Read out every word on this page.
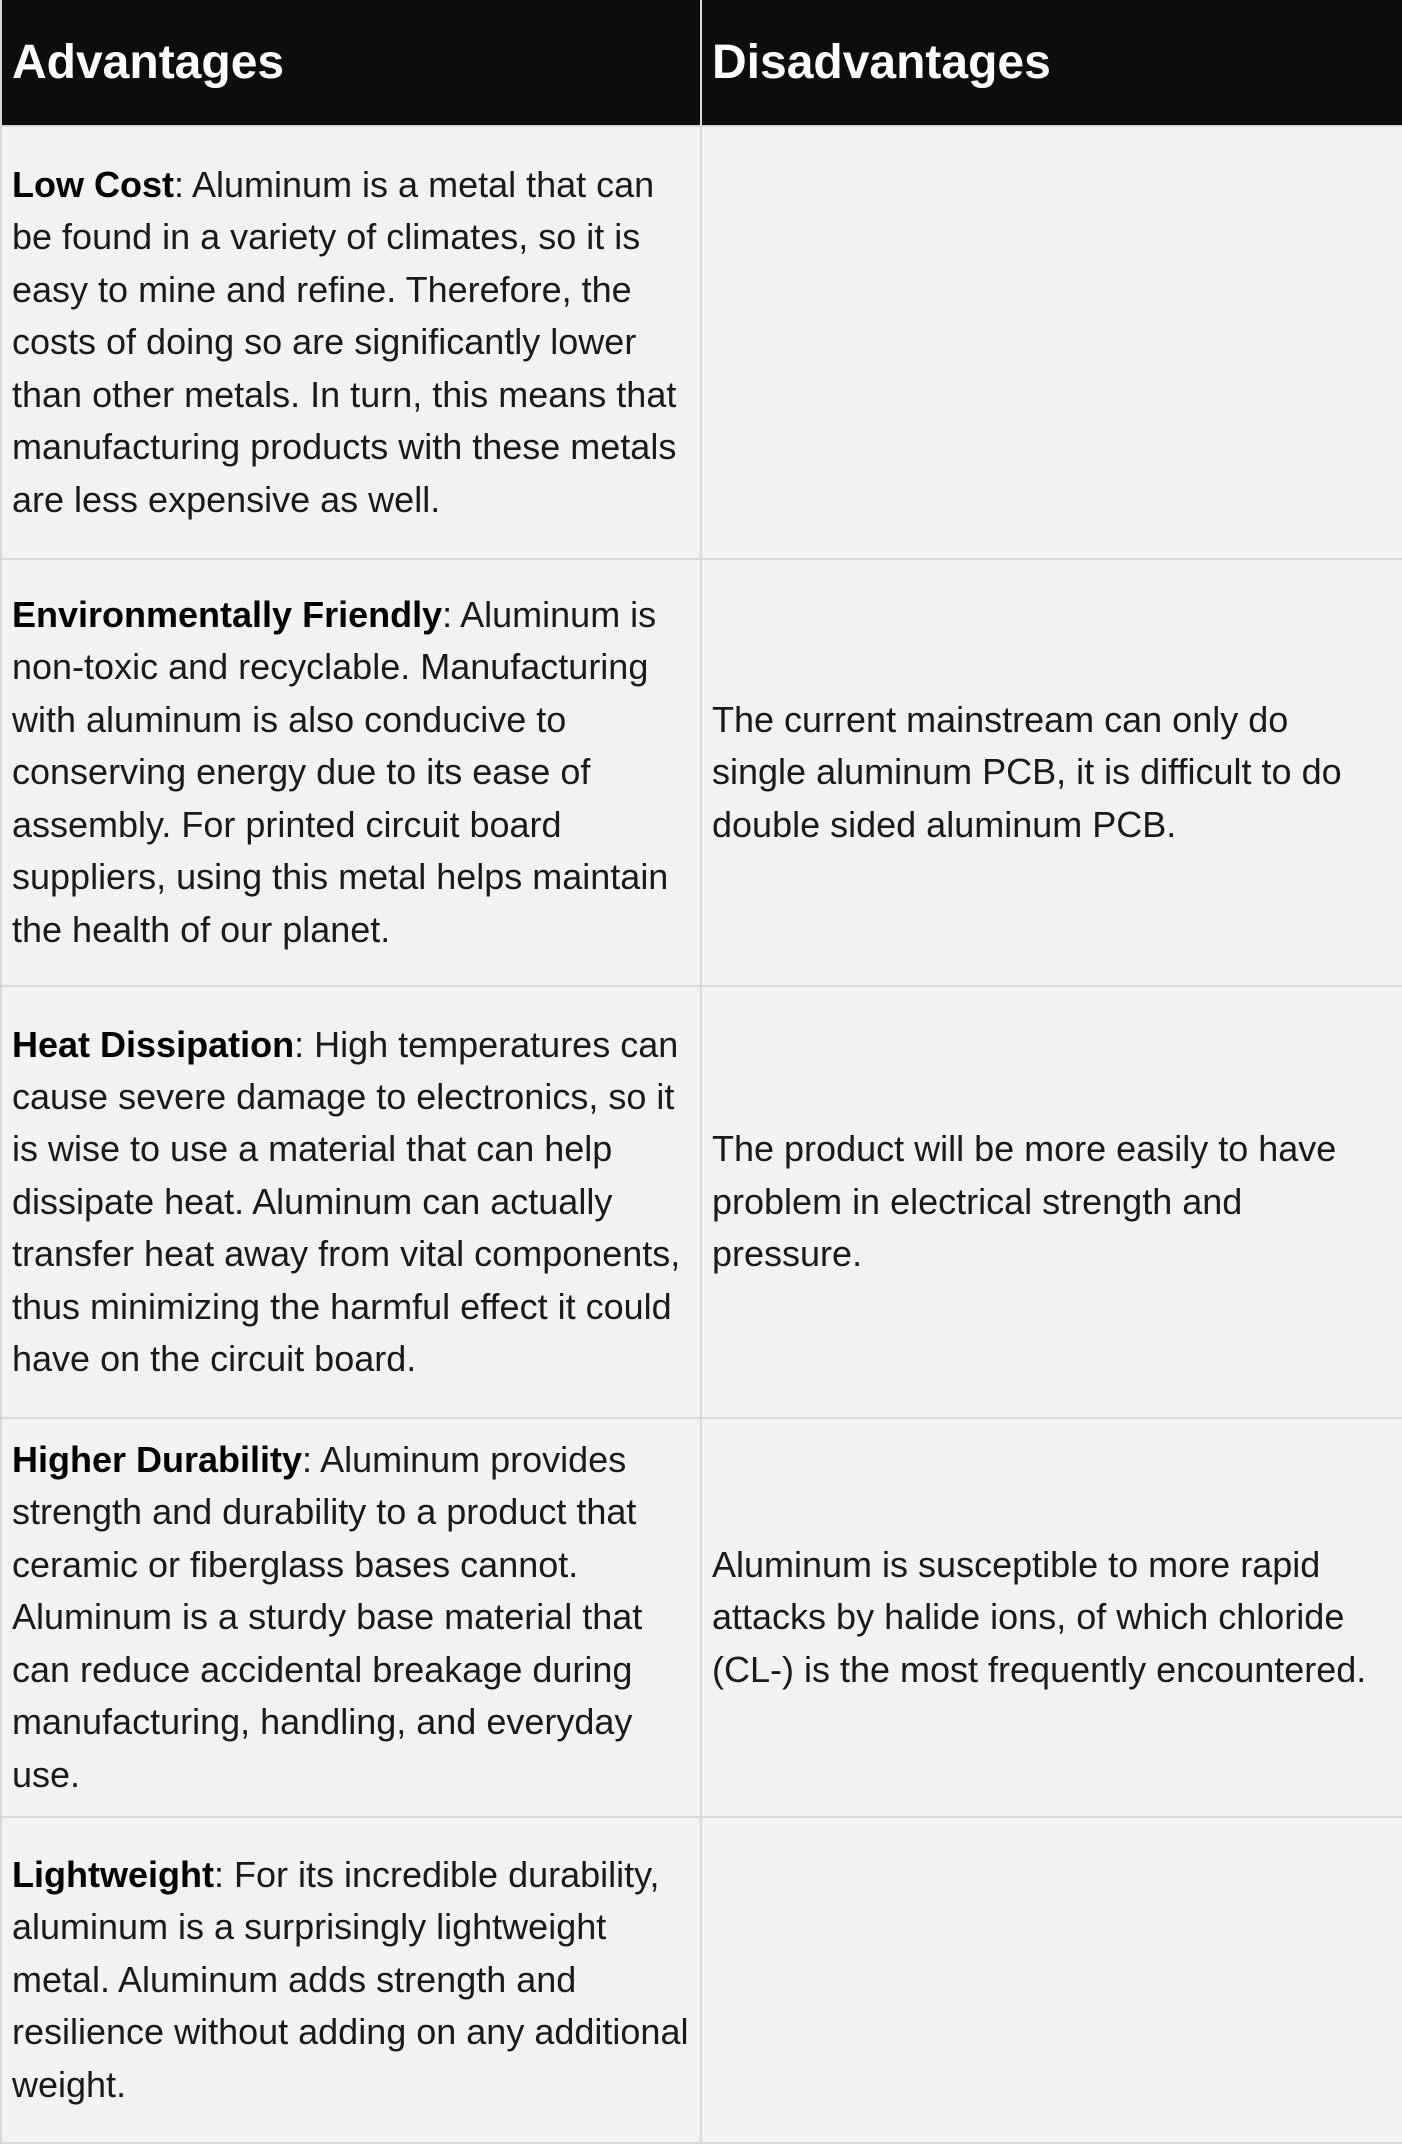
Advantages	Disadvantages
Low Cost: Aluminum is a metal that can be found in a variety of climates, so it is easy to mine and refine. Therefore, the costs of doing so are significantly lower than other metals. In turn, this means that manufacturing products with these metals are less expensive as well.	
Environmentally Friendly: Aluminum is non-toxic and recyclable. Manufacturing with aluminum is also conducive to conserving energy due to its ease of assembly. For printed circuit board suppliers, using this metal helps maintain the health of our planet.	The current mainstream can only do single aluminum PCB, it is difficult to do double sided aluminum PCB.
Heat Dissipation: High temperatures can cause severe damage to electronics, so it is wise to use a material that can help dissipate heat. Aluminum can actually transfer heat away from vital components, thus minimizing the harmful effect it could have on the circuit board.	The product will be more easily to have problem in electrical strength and pressure.
Higher Durability: Aluminum provides strength and durability to a product that ceramic or fiberglass bases cannot. Aluminum is a sturdy base material that can reduce accidental breakage during manufacturing, handling, and everyday use.	Aluminum is susceptible to more rapid attacks by halide ions, of which chloride (CL-) is the most frequently encountered.
Lightweight: For its incredible durability, aluminum is a surprisingly lightweight metal. Aluminum adds strength and resilience without adding on any additional weight.	
